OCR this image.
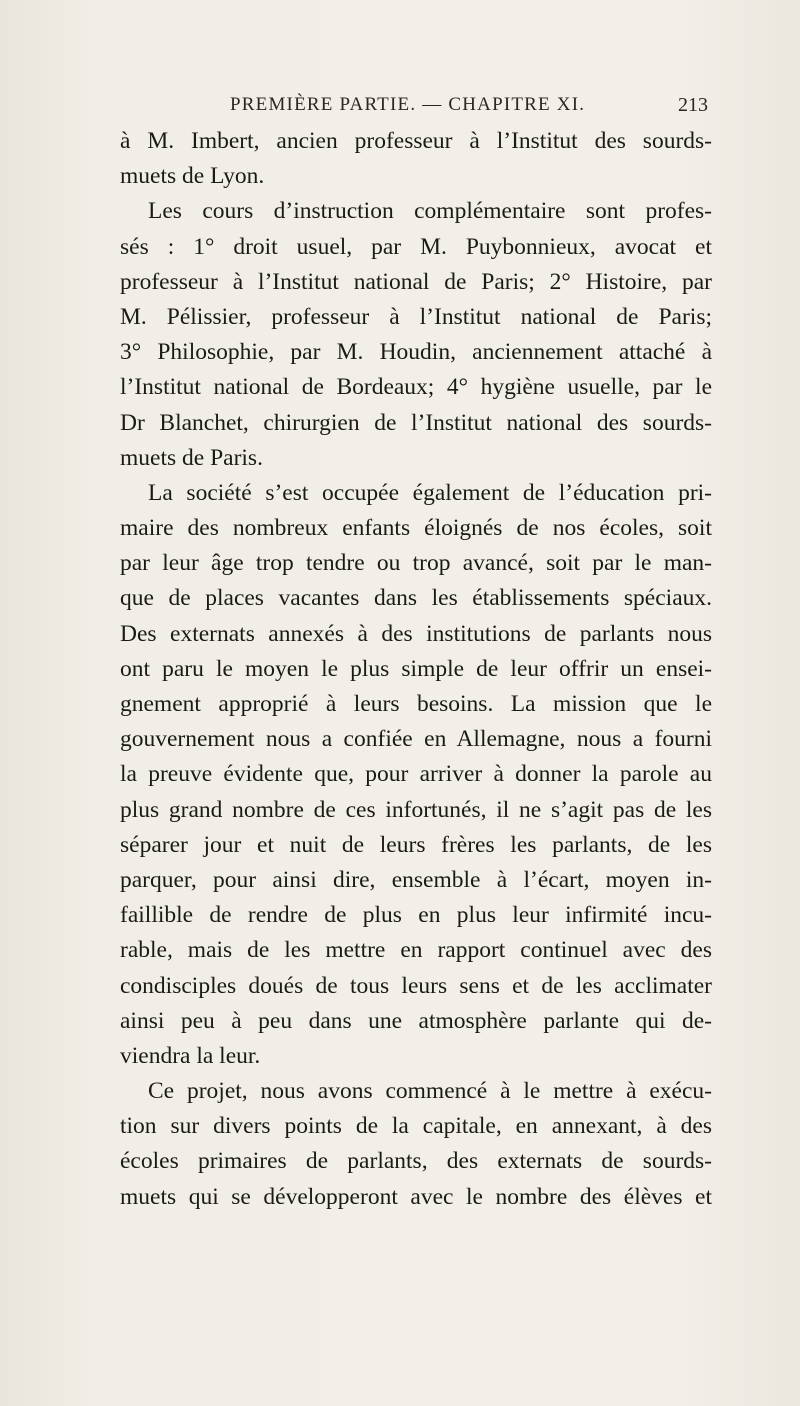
PREMIÈRE PARTIE. — CHAPITRE XI.	213
à M. Imbert, ancien professeur à l’Institut des sourds-
muets de Lyon.
Les cours d’instruction complémentaire sont profes-
sés : 1° droit usuel, par M. Puybonnieux, avocat et
professeur à l’Institut national de Paris; 2° Histoire, par
M. Pélissier, professeur à l’Institut national de Paris;
3° Philosophie, par M. Houdin, anciennement attaché à
l’Institut national de Bordeaux; 4° hygiène usuelle, par le
Dr Blanchet, chirurgien de l’Institut national des sourds-
muets de Paris.
La société s’est occupée également de l’éducation pri-
maire des nombreux enfants éloignés de nos écoles, soit
par leur âge trop tendre ou trop avancé, soit par le man-
que de places vacantes dans les établissements spéciaux.
Des externats annexés à des institutions de parlants nous
ont paru le moyen le plus simple de leur offrir un ensei-
gnement approprié à leurs besoins. La mission que le
gouvernement nous a confiée en Allemagne, nous a fourni
la preuve évidente que, pour arriver à donner la parole au
plus grand nombre de ces infortunés, il ne s’agit pas de les
séparer jour et nuit de leurs frères les parlants, de les
parquer, pour ainsi dire, ensemble à l’écart, moyen in-
faillible de rendre de plus en plus leur infirmité incu-
rable, mais de les mettre en rapport continuel avec des
condisciples doués de tous leurs sens et de les acclimater
ainsi peu à peu dans une atmosphère parlante qui de-
viendra la leur.
Ce projet, nous avons commencé à le mettre à exécu-
tion sur divers points de la capitale, en annexant, à des
écoles primaires de parlants, des externats de sourds-
muets qui se développeront avec le nombre des élèves et
